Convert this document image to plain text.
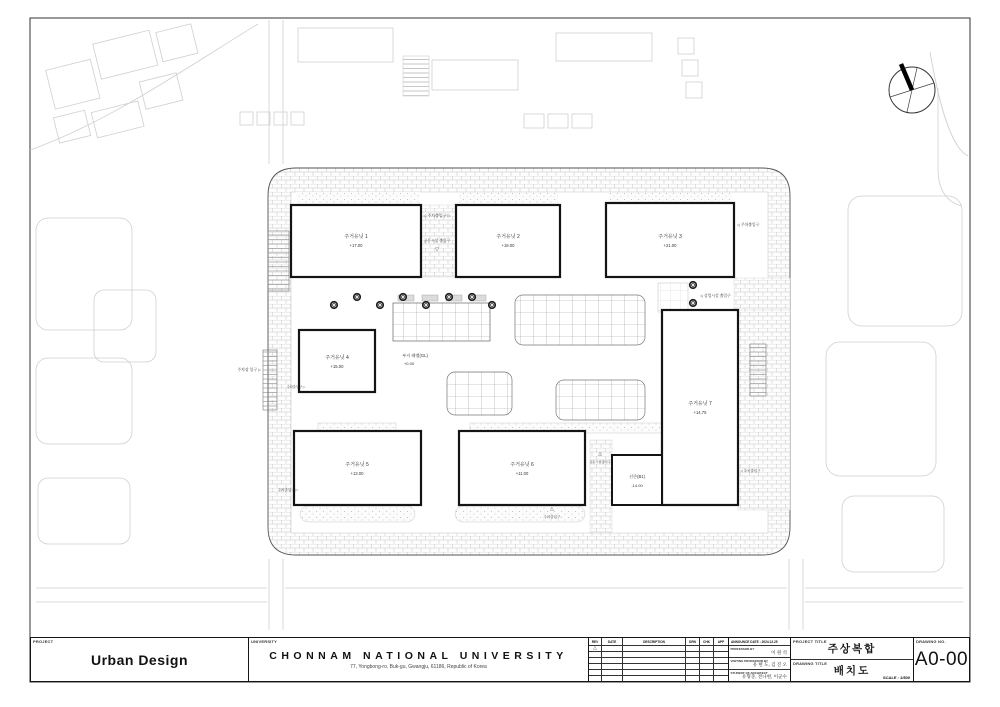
주거유닛 1
+17.00
주거유닛 2
+19.00
주거유닛 3
+21.00
주거유닛 4
+15.00
주거유닛 5
+13.00
주거유닛 6
+11.00
주거유닛 7
+14.75
선큰(B1)
-14.00
부지 레벨(GL)
+0.00
◁ 주차출입구 ▷
공동시설 출입구
▽
◁ 주차출입구
◁ 상업시설 출입구
주차장 입구 ▷
주차출입구 ▷
주차출입구 ▷
△
주차출입구
△
공동시설 출입구
◁ 주차출입구
PROJECT
Urban Design
UNIVERSITY
CHONNAM NATIONAL UNIVERSITY
77, Yongbong-ro, Buk-gu, Gwangju, 61186, Republic of Korea
REV	DATE	DESCRIPTION	DRN	CHK	APP
△
ANNOUNCE DATE : 2024.12.25
PROFESSOR BY
이 원 석
VISITING PROFESSOR BY
유 현 도, 김 진 오
STUDENT OF ARCHITECT
유형준, 전나현, 이군수
PROJECT TITLE
주상복합
DRAWING TITLE
배치도
SCALE : 1/500
DRAWING NO.
A0-00
